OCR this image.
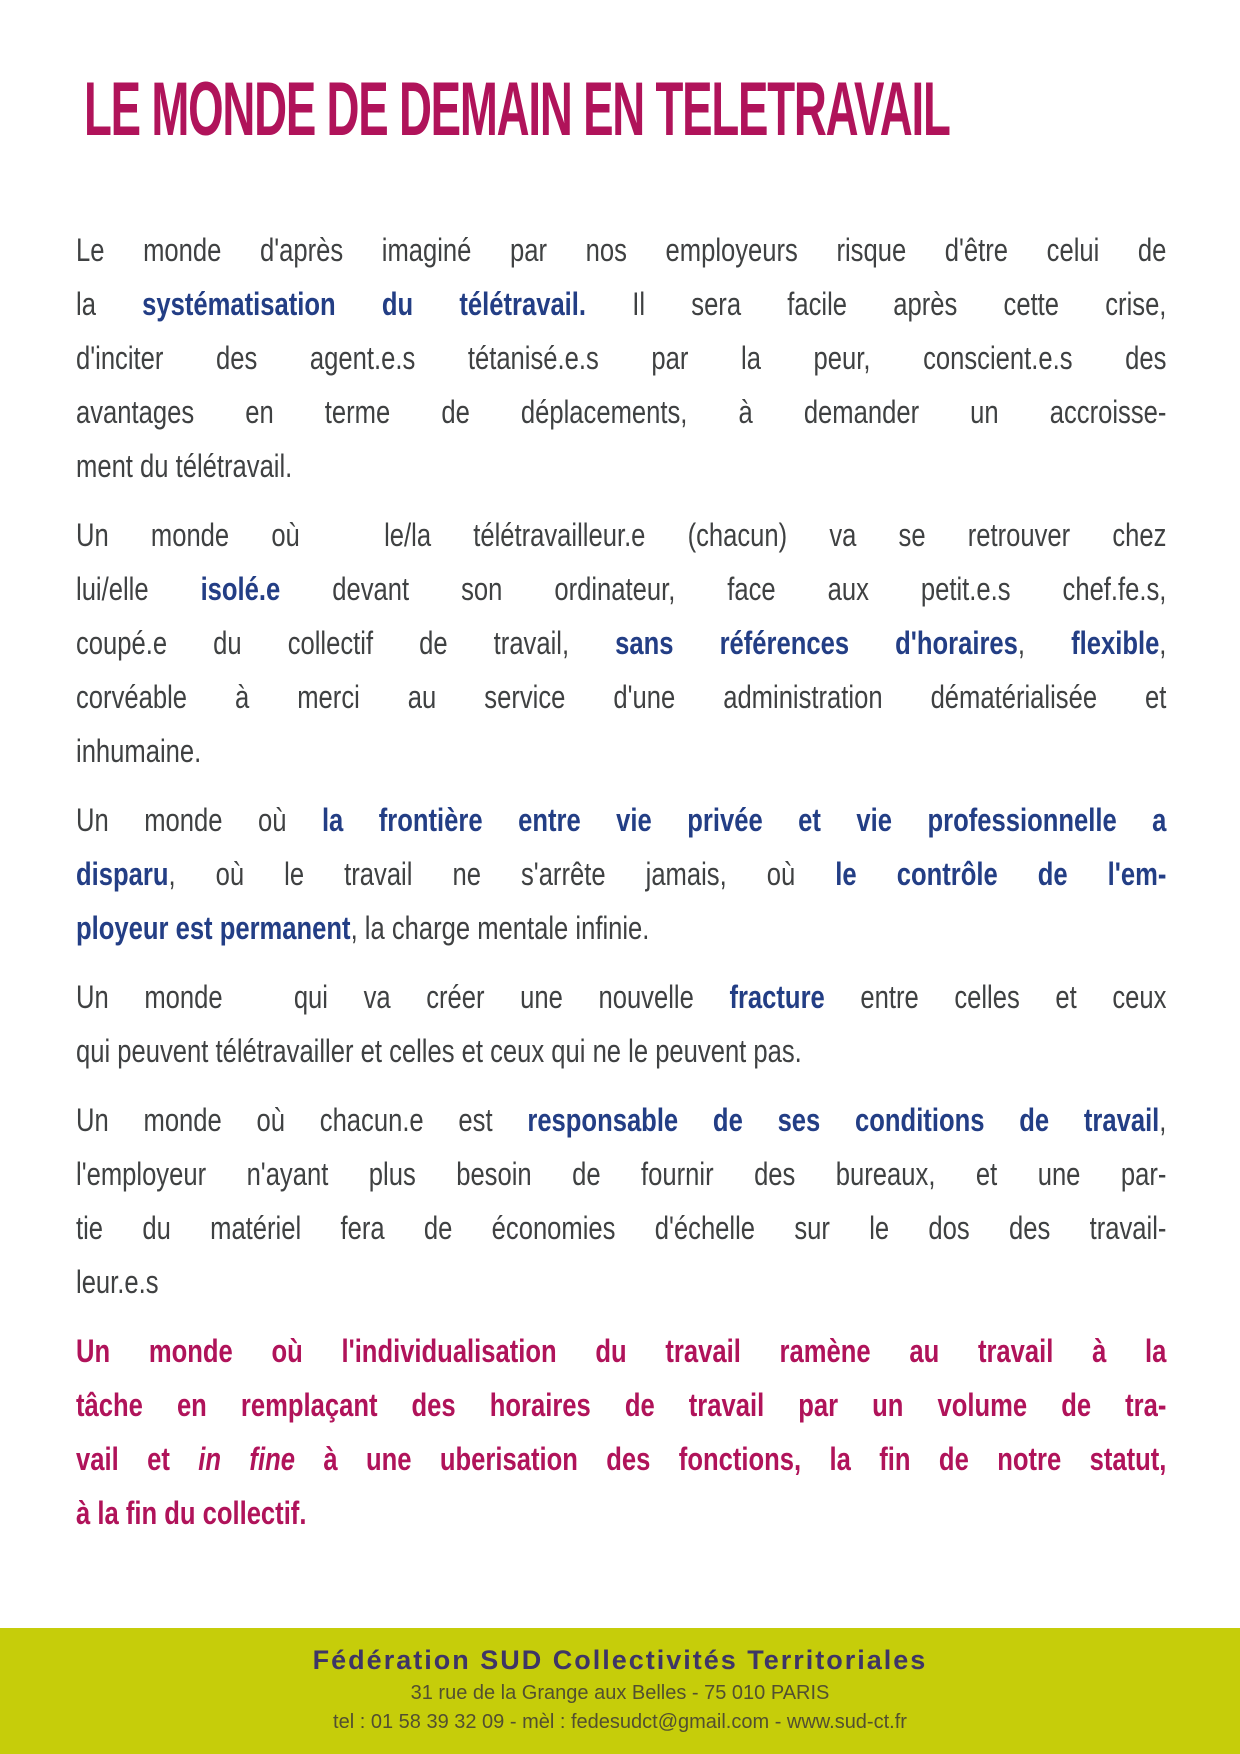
LE MONDE DE DEMAIN EN TELETRAVAIL
Le monde d'après imaginé par nos employeurs risque d'être celui de
la systématisation du télétravail. Il sera facile après cette crise,
d'inciter des agent.e.s tétanisé.e.s par la peur, conscient.e.s des
avantages en terme de déplacements, à demander un accroisse-
ment du télétravail.
Un monde où  le/la télétravailleur.e (chacun) va se retrouver chez
lui/elle isolé.e devant son ordinateur, face aux petit.e.s chef.fe.s,
coupé.e du collectif de travail, sans références d'horaires, flexible,
corvéable à merci au service d'une administration dématérialisée et
inhumaine.
Un monde où la frontière entre vie privée et vie professionnelle a
disparu, où le travail ne s'arrête jamais, où le contrôle de l'em-
ployeur est permanent, la charge mentale infinie.
Un monde  qui va créer une nouvelle fracture entre celles et ceux
qui peuvent télétravailler et celles et ceux qui ne le peuvent pas.
Un monde où chacun.e est responsable de ses conditions de travail,
l'employeur n'ayant plus besoin de fournir des bureaux, et une par-
tie du matériel fera de économies d'échelle sur le dos des travail-
leur.e.s
Un monde où l'individualisation du travail ramène au travail à la
tâche en remplaçant des horaires de travail par un volume de tra-
vail et in fine à une uberisation des fonctions, la fin de notre statut,
à la fin du collectif.
Fédération SUD Collectivités Territoriales
31 rue de la Grange aux Belles - 75 010 PARIS
tel : 01 58 39 32 09 - mèl : fedesudct@gmail.com - www.sud-ct.fr
